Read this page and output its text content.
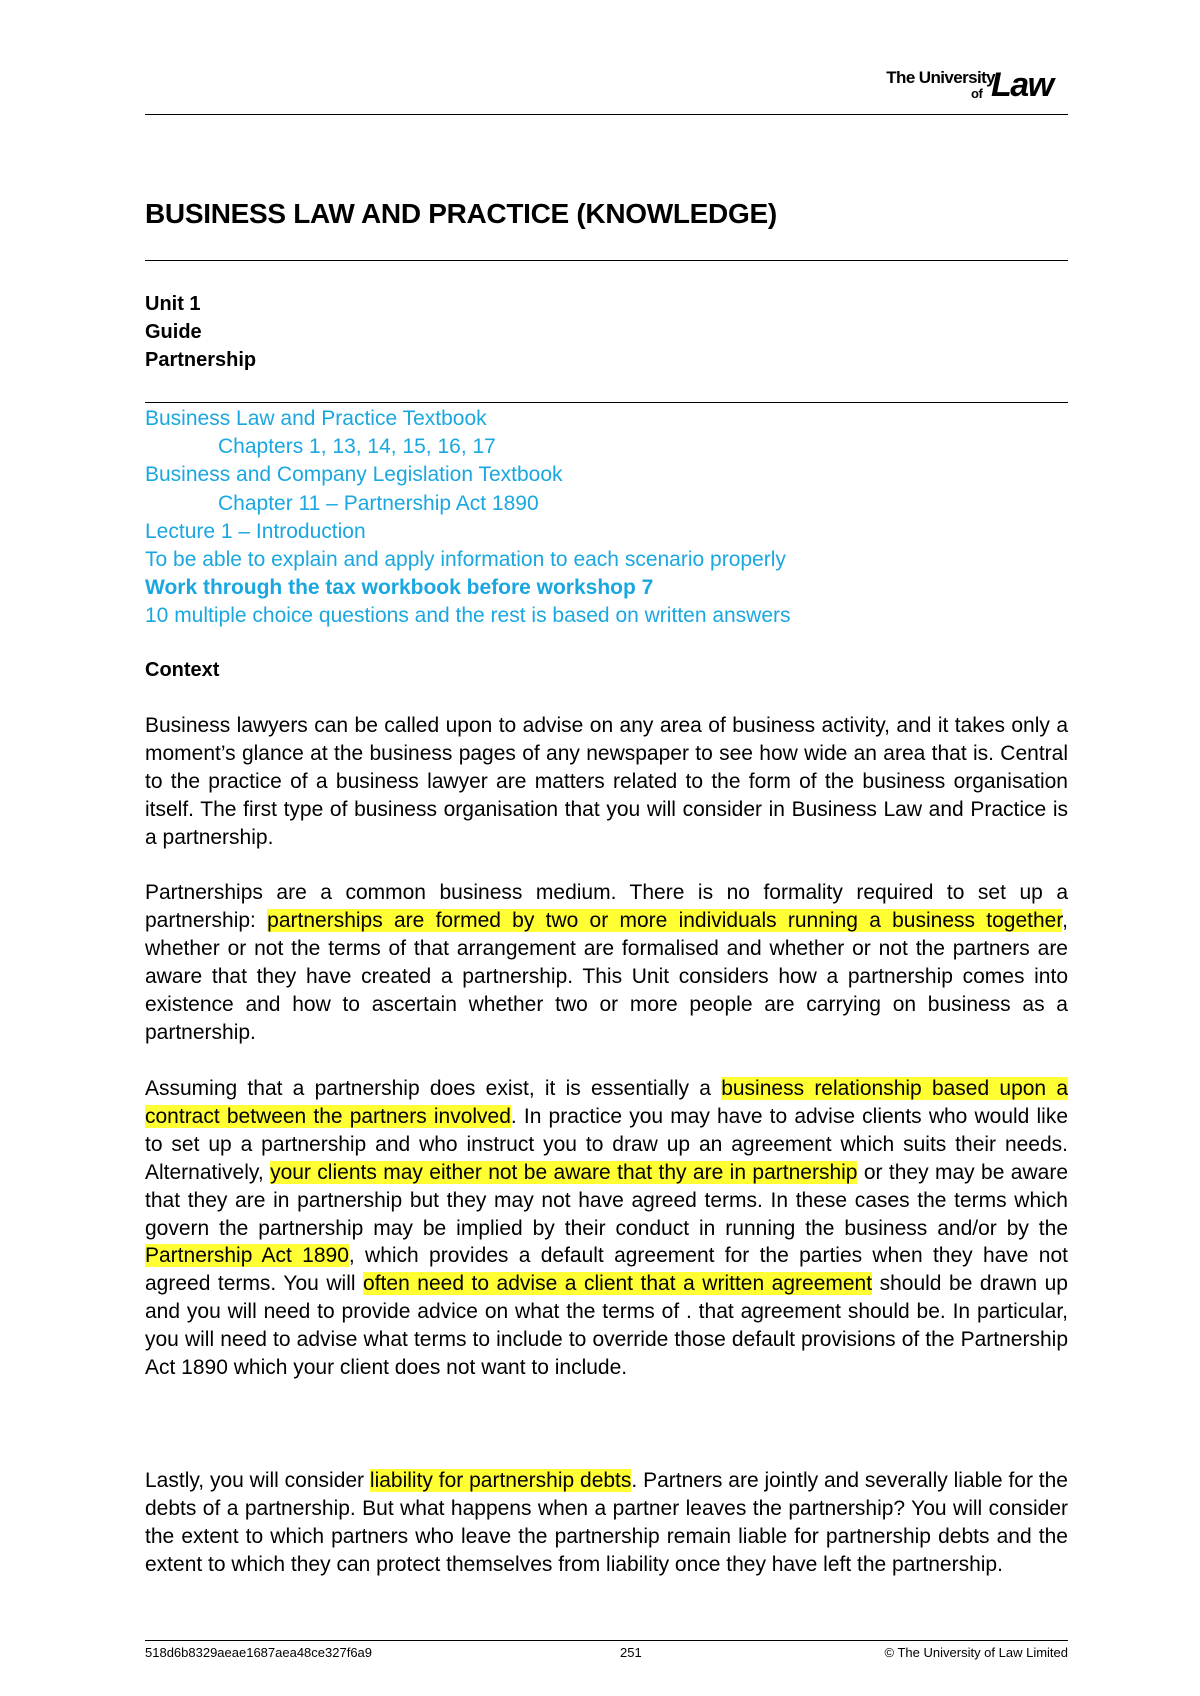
The University
of Law
BUSINESS LAW AND PRACTICE (KNOWLEDGE)
Unit 1
Guide
Partnership
Business Law and Practice Textbook
Chapters 1, 13, 14, 15, 16, 17
Business and Company Legislation Textbook
Chapter 11 – Partnership Act 1890
Lecture 1 – Introduction
To be able to explain and apply information to each scenario properly
Work through the tax workbook before workshop 7
10 multiple choice questions and the rest is based on written answers
Context

Business lawyers can be called upon to advise on any area of business activity, and it takes only a moment’s glance at the business pages of any newspaper to see how wide an area that is. Central to the practice of a business lawyer are matters related to the form of the business organisation itself. The first type of business organisation that you will consider in Business Law and Practice is a partnership.

Partnerships are a common business medium. There is no formality required to set up a partnership: partnerships are formed by two or more individuals running a business together, whether or not the terms of that arrangement are formalised and whether or not the partners are aware that they have created a partnership. This Unit considers how a partnership comes into existence and how to ascertain whether two or more people are carrying on business as a partnership.

Assuming that a partnership does exist, it is essentially a business relationship based upon a contract between the partners involved. In practice you may have to advise clients who would like to set up a partnership and who instruct you to draw up an agreement which suits their needs. Alternatively, your clients may either not be aware that thy are in partnership or they may be aware that they are in partnership but they may not have agreed terms. In these cases the terms which govern the partnership may be implied by their conduct in running the business and/or by the Partnership Act 1890, which provides a default agreement for the parties when they have not agreed terms. You will often need to advise a client that a written agreement should be drawn up and you will need to provide advice on what the terms of . that agreement should be. In particular, you will need to advise what terms to include to override those default provisions of the Partnership Act 1890 which your client does not want to include.

Lastly, you will consider liability for partnership debts. Partners are jointly and severally liable for the debts of a partnership. But what happens when a partner leaves the partnership? You will consider the extent to which partners who leave the partnership remain liable for partnership debts and the extent to which they can protect themselves from liability once they have left the partnership.

518d6b8329aeae1687aea48ce327f6a9	251	© The University of Law Limited
